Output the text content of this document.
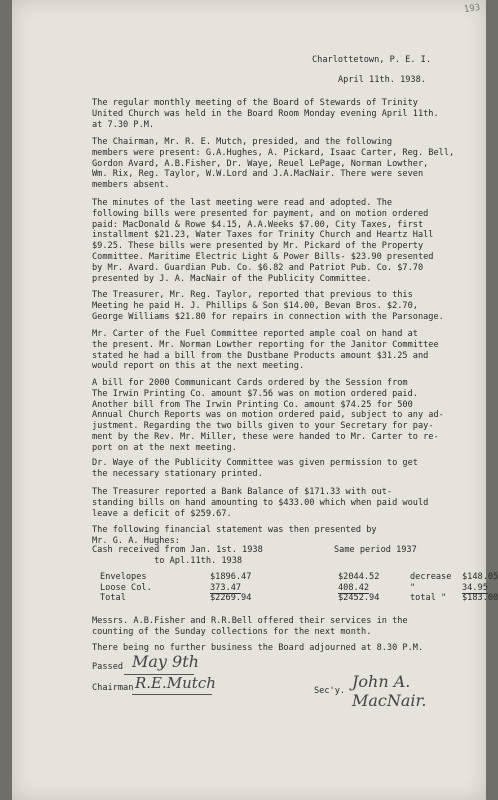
193
Charlottetown, P. E. I.
April 11th. 1938.
The regular monthly meeting of the Board of Stewards of Trinity
United Church was held in the Board Room Monday evening April 11th.
at 7.30 P.M.
The Chairman, Mr. R. E. Mutch, presided, and the following
members were present: G.A.Hughes, A. Pickard, Isaac Carter, Reg. Bell,
Gordon Avard, A.B.Fisher, Dr. Waye, Reuel LePage, Norman Lowther,
Wm. Rix, Reg. Taylor, W.W.Lord and J.A.MacNair. There were seven
members absent.
The minutes of the last meeting were read and adopted. The
following bills were presented for payment, and on motion ordered
paid: MacDonald & Rowe $4.15, A.A.Weeks $7.00, City Taxes, first
installment $21.23, Water Taxes for Trinity Church and Heartz Hall
$9.25. These bills were presented by Mr. Pickard of the Property
Committee. Maritime Electric Light & Power Bills- $23.90 presented
by Mr. Avard. Guardian Pub. Co. $6.82 and Patriot Pub. Co. $7.70
presented by J. A. MacNair of the Publicity Committee.
The Treasurer, Mr. Reg. Taylor, reported that previous to this
Meeting he paid H. J. Phillips & Son $14.00, Bevan Bros. $2.70,
George Williams $21.80 for repairs in connection with the Parsonage.
Mr. Carter of the Fuel Committee reported ample coal on hand at
the present. Mr. Norman Lowther reporting for the Janitor Committee
stated he had a bill from the Dustbane Products amount $31.25 and
would report on this at the next meeting.
A bill for 2000 Communicant Cards ordered by the Session from
The Irwin Printing Co. amount $7.56 was on motion ordered paid.
Another bill from The Irwin Printing Co. amount $74.25 for 500
Annual Church Reports was on motion ordered paid, subject to any ad-
justment. Regarding the two bills given to your Secretary for pay-
ment by the Rev. Mr. Miller, these were handed to Mr. Carter to re-
port on at the next meeting.
Dr. Waye of the Publicity Committee was given permission to get
the necessary stationary printed.
The Treasurer reported a Bank Balance of $171.33 with out-
standing bills on hand amounting to $433.00 which when paid would
leave a deficit of $259.67.
The following financial statement was then presented by
Mr. G. A. Hughes:
Cash received from Jan. 1st. 1938
to Apl.11th. 1938
Same period 1937
Envelopes	$1896.47	$2044.52	decrease $148.05
Loose Col.	373.47	408.42	"	34.95
Total	$2269.94	$2452.94	total " $183.00
Messrs. A.B.Fisher and R.R.Bell offered their services in the
counting of the Sunday collections for the next month.
There being no further business the Board adjourned at 8.30 P.M.
Passed May 9th
Chairman R.E.Mutch	Sec'y. John A. MacNair.
